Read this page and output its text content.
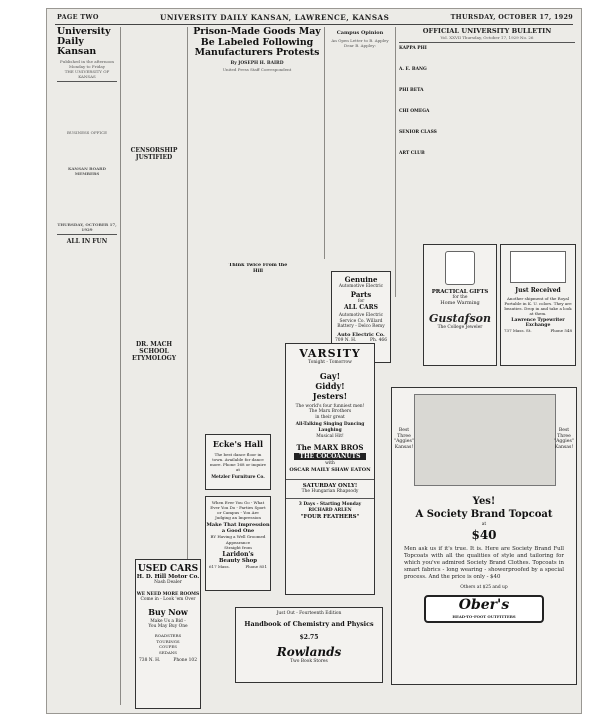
PAGE TWO	UNIVERSITY DAILY KANSAN, LAWRENCE, KANSAS	THURSDAY, OCTOBER 17, 1929
University Daily Kansan
Published in the afternoon Monday to Friday
THE UNIVERSITY OF KANSAS

BUSINESS OFFICE

KANSAN BOARD MEMBERS

THURSDAY, OCTOBER 17, 1929
ALL IN FUN

CENSORSHIP JUSTIFIED
DR. MACH SCHOOL ETYMOLOGY
Prison-Made Goods May Be Labeled Following Manufacturers Protests
By JOSEPH H. BAIRD
United Press Staff Correspondent
Think Twice From the Hill
Campus Opinion
An Open Letter to B. Appley Dear B. Appley:
OFFICIAL UNIVERSITY BULLETIN
Vol. XXVII Thursday, October 17, 1929 No. 26
KAPPA PHI

A. E. BANG

PHI BETA

CHI OMEGA

SENIOR CLASS

ART CLUB
Genuine
Automotive Electric
Parts
for
ALL CARS
Automotive Electric Service Co. Willard Battery - Delco Remy
Auto Electric Co.
709 N. H.	Ph. 466
PRACTICAL GIFTS
for the
Home Warming
Gustafson
The College Jeweler
Just Received
Another shipment of the Royal Portable in K. U. colors. They are beauties. Drop in and take a look at them.
Lawrence Typewriter Exchange
737 Mass. St.	Phone 548
VARSITY
Tonight - Tomorrow
Gay!
Giddy!
Jesters!
The world's four funniest men!
The Marx Brothers
in their great
All-Talking Singing Dancing Laughing
Musical Hit!
The MARX BROS
THE COCOANUTS
with
OSCAR MAILY SHAW EATON
SATURDAY ONLY!
The Hungarian Rhapsody
3 Days - Starting Monday
RICHARD ARLEN
"FOUR FEATHERS"
Ecke's Hall
The best dance floor in town. Available for dance more. Phone 168 or inquire at
Metzler Furniture Co.
When Ever You Go - What Ever You Do - Parties Sport or Campus - You Are Judging an Impression
Make That Impression a Good One
BY Having a Well Groomed Appearance
Straight from
Laridon's
Beauty Shop
617 Mass.	Phone 851
USED CARS
H. D. Hill Motor Co.
Nash Dealer
WE NEED MORE ROOMS
Come in - Look 'em Over
Buy Now
Make Us a Bid -
You May Buy One
ROADSTERS TOURINGS COUPES SEDANS
738 N. H.	Phone 102
Just Out - Fourteenth Edition
Handbook of Chemistry and Physics
$2.75
Rowlands
Two Book Stores
Best Three "Aggies" Kansas!
Best Three "Aggies" Kansas!
Yes!
A Society Brand Topcoat
at
$40
Men ask us if it's true. It is. Here are Society Brand Full Topcoats with all the qualities of style and tailoring for which you've admired Society Brand Clothes. Topcoats in smart fabrics - long wearing - showerproofed by a special process. And the price is only - $40
Others at $25 and up
Ober's
HEAD-TO-FOOT OUTFITTERS
